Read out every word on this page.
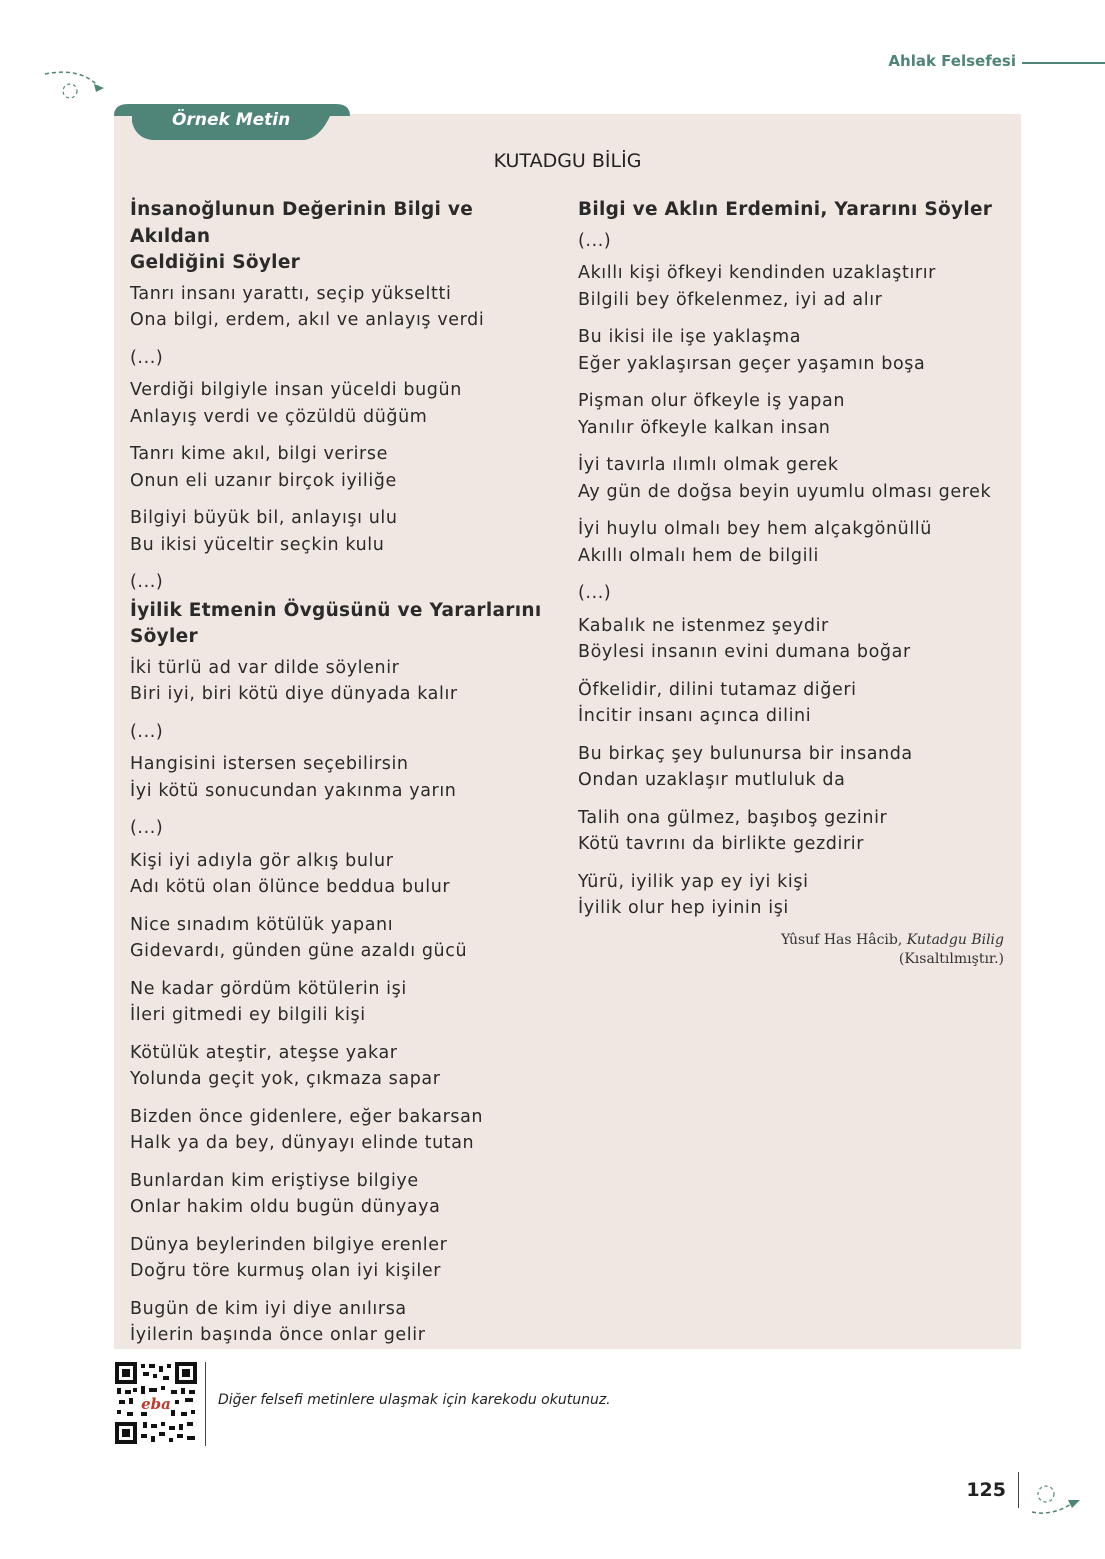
Ahlak Felsefesi
Örnek Metin
KUTADGU BİLİG
İnsanoğlunun Değerinin Bilgi ve Akıldan
Geldiğini Söyler
Tanrı insanı yarattı, seçip yükseltti
Ona bilgi, erdem, akıl ve anlayış verdi
(...)
Verdiği bilgiyle insan yüceldi bugün
Anlayış verdi ve çözüldü düğüm
Tanrı kime akıl, bilgi verirse
Onun eli uzanır birçok iyiliğe
Bilgiyi büyük bil, anlayışı ulu
Bu ikisi yüceltir seçkin kulu
(...)
İyilik Etmenin Övgüsünü ve Yararlarını
Söyler
İki türlü ad var dilde söylenir
Biri iyi, biri kötü diye dünyada kalır
(...)
Hangisini istersen seçebilirsin
İyi kötü sonucundan yakınma yarın
(...)
Kişi iyi adıyla gör alkış bulur
Adı kötü olan ölünce beddua bulur
Nice sınadım kötülük yapanı
Gidevardı, günden güne azaldı gücü
Ne kadar gördüm kötülerin işi
İleri gitmedi ey bilgili kişi
Kötülük ateştir, ateşse yakar
Yolunda geçit yok, çıkmaza sapar
Bizden önce gidenlere, eğer bakarsan
Halk ya da bey, dünyayı elinde tutan
Bunlardan kim eriştiyse bilgiye
Onlar hakim oldu bugün dünyaya
Dünya beylerinden bilgiye erenler
Doğru töre kurmuş olan iyi kişiler
Bugün de kim iyi diye anılırsa
İyilerin başında önce onlar gelir
Bilgi ve Aklın Erdemini, Yararını Söyler
(...)
Akıllı kişi öfkeyi kendinden uzaklaştırır
Bilgili bey öfkelenmez, iyi ad alır
Bu ikisi ile işe yaklaşma
Eğer yaklaşırsan geçer yaşamın boşa
Pişman olur öfkeyle iş yapan
Yanılır öfkeyle kalkan insan
İyi tavırla ılımlı olmak gerek
Ay gün de doğsa beyin uyumlu olması gerek
İyi huylu olmalı bey hem alçakgönüllü
Akıllı olmalı hem de bilgili
(...)
Kabalık ne istenmez şeydir
Böylesi insanın evini dumana boğar
Öfkelidir, dilini tutamaz diğeri
İncitir insanı açınca dilini
Bu birkaç şey bulunursa bir insanda
Ondan uzaklaşır mutluluk da
Talih ona gülmez, başıboş gezinir
Kötü tavrını da birlikte gezdirir
Yürü, iyilik yap ey iyi kişi
İyilik olur hep iyinin işi
Yûsuf Has Hâcib, Kutadgu Bilig
(Kısaltılmıştır.)
eba	Diğer felsefi metinlere ulaşmak için karekodu okutunuz.
125
